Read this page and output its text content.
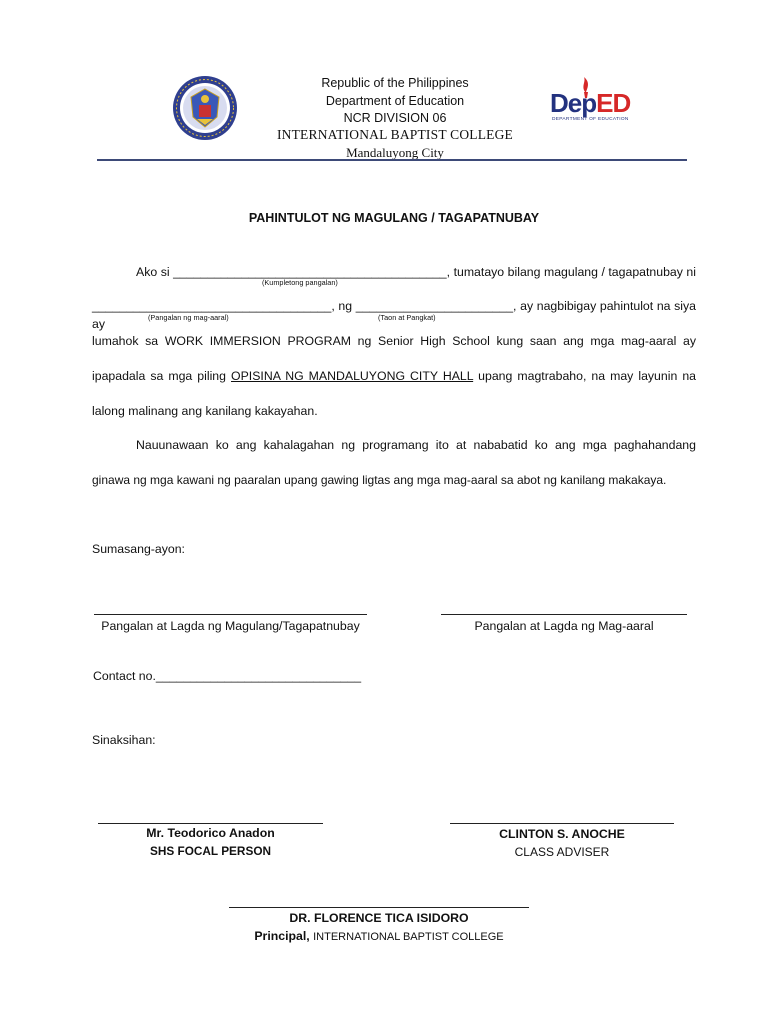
Republic of the Philippines
Department of Education
NCR DIVISION 06
INTERNATIONAL BAPTIST COLLEGE
Mandaluyong City
DepED
DEPARTMENT OF EDUCATION
PAHINTULOT NG MAGULANG / TAGAPATNUBAY
Ako si ________________________________________, tumatayo bilang magulang / tagapatnubay ni
(Kumpletong pangalan)
___________________________________, ng _______________________, ay nagbibigay pahintulot na siya ay	(Pangalan ng mag-aaral)	(Taon at Pangkat)
lumahok sa WORK IMMERSION PROGRAM ng Senior High School kung saan ang mga mag-aaral ay
ipapadala sa mga piling OPISINA NG MANDALUYONG CITY HALL upang magtrabaho, na may layunin na
lalong malinang ang kanilang kakayahan.
Nauunawaan ko ang kahalagahan ng programang ito at nababatid ko ang mga paghahandang
ginawa ng mga kawani ng paaralan upang gawing ligtas ang mga mag-aaral sa abot ng kanilang makakaya.
Sumasang-ayon:
Pangalan at Lagda ng Magulang/Tagapatnubay	Pangalan at Lagda ng Mag-aaral
Contact no.______________________________
Sinaksihan:
Mr. Teodorico Anadon
SHS FOCAL PERSON
CLINTON S. ANOCHE
CLASS ADVISER
DR. FLORENCE TICA ISIDORO
Principal, INTERNATIONAL BAPTIST COLLEGE
